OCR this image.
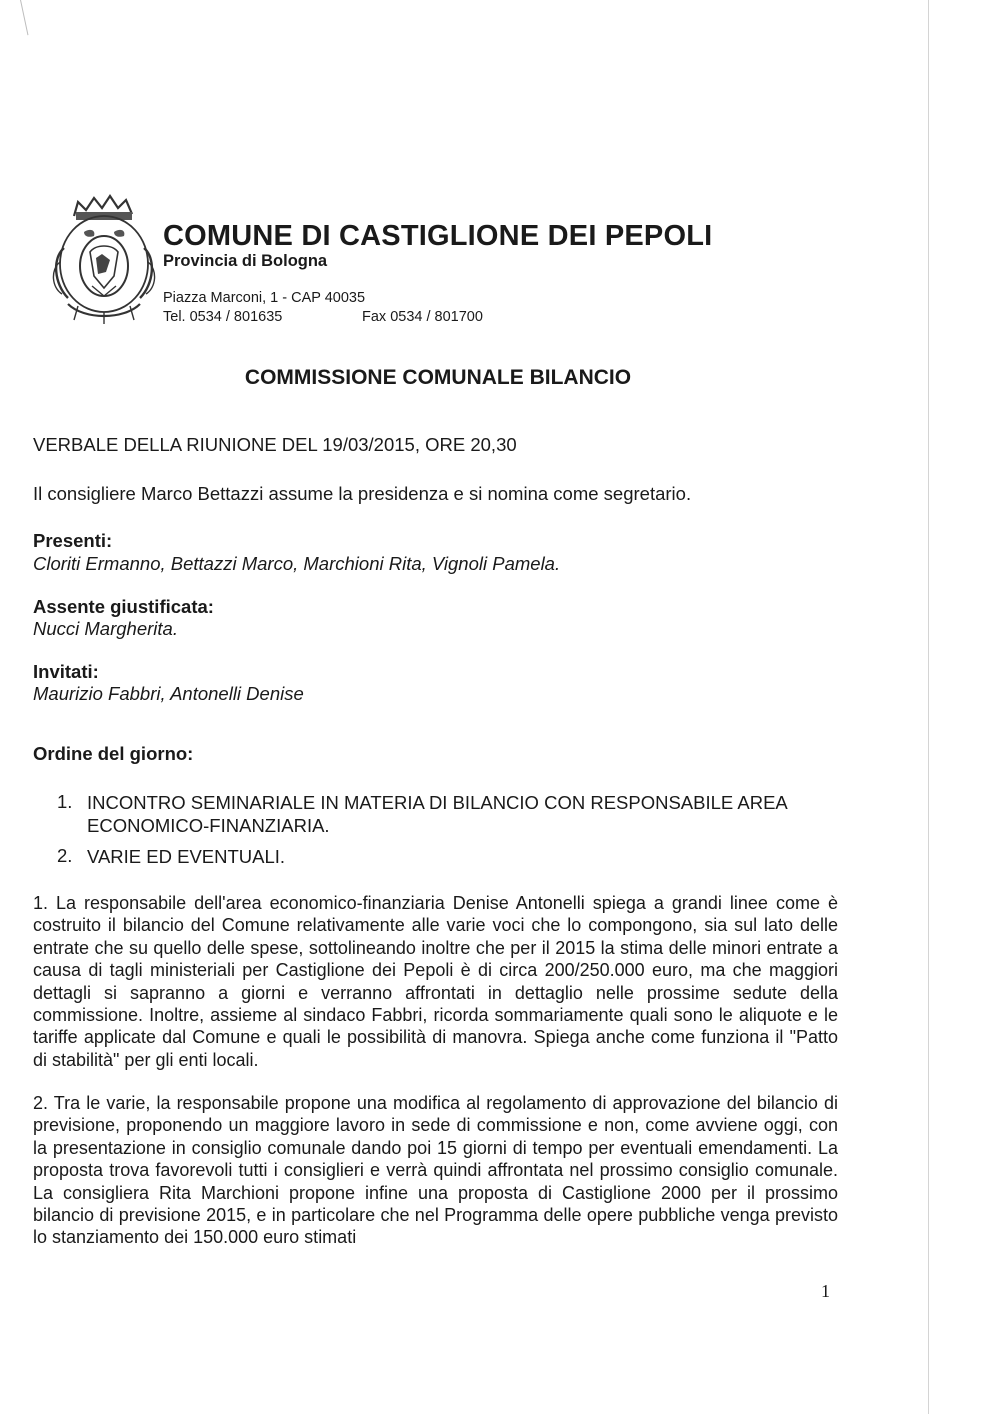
COMUNE DI CASTIGLIONE DEI PEPOLI
Provincia di Bologna
Piazza Marconi, 1 - CAP 40035
Tel. 0534 / 801635	Fax 0534 / 801700
COMMISSIONE COMUNALE BILANCIO
VERBALE DELLA RIUNIONE DEL 19/03/2015, ORE 20,30
Il consigliere Marco Bettazzi assume la presidenza e si nomina come segretario.
Presenti:
Cloriti Ermanno, Bettazzi Marco, Marchioni Rita, Vignoli Pamela.
Assente giustificata:
Nucci Margherita.
Invitati:
Maurizio Fabbri, Antonelli Denise
Ordine del giorno:
1. INCONTRO SEMINARIALE IN MATERIA DI BILANCIO CON RESPONSABILE AREA ECONOMICO-FINANZIARIA.
2. VARIE ED EVENTUALI.
1. La responsabile dell'area economico-finanziaria Denise Antonelli spiega a grandi linee come è costruito il bilancio del Comune relativamente alle varie voci che lo compongono, sia sul lato delle entrate che su quello delle spese, sottolineando inoltre che per il 2015 la stima delle minori entrate a causa di tagli ministeriali per Castiglione dei Pepoli è di circa 200/250.000 euro, ma che maggiori dettagli si sapranno a giorni e verranno affrontati in dettaglio nelle prossime sedute della commissione. Inoltre, assieme al sindaco Fabbri, ricorda sommariamente quali sono le aliquote e le tariffe applicate dal Comune e quali le possibilità di manovra. Spiega anche come funziona il "Patto di stabilità" per gli enti locali.
2. Tra le varie, la responsabile propone una modifica al regolamento di approvazione del bilancio di previsione, proponendo un maggiore lavoro in sede di commissione e non, come avviene oggi, con la presentazione in consiglio comunale dando poi 15 giorni di tempo per eventuali emendamenti. La proposta trova favorevoli tutti i consiglieri e verrà quindi affrontata nel prossimo consiglio comunale. La consigliera Rita Marchioni propone infine una proposta di Castiglione 2000 per il prossimo bilancio di previsione 2015, e in particolare che nel Programma delle opere pubbliche venga previsto lo stanziamento dei 150.000 euro stimati
1
